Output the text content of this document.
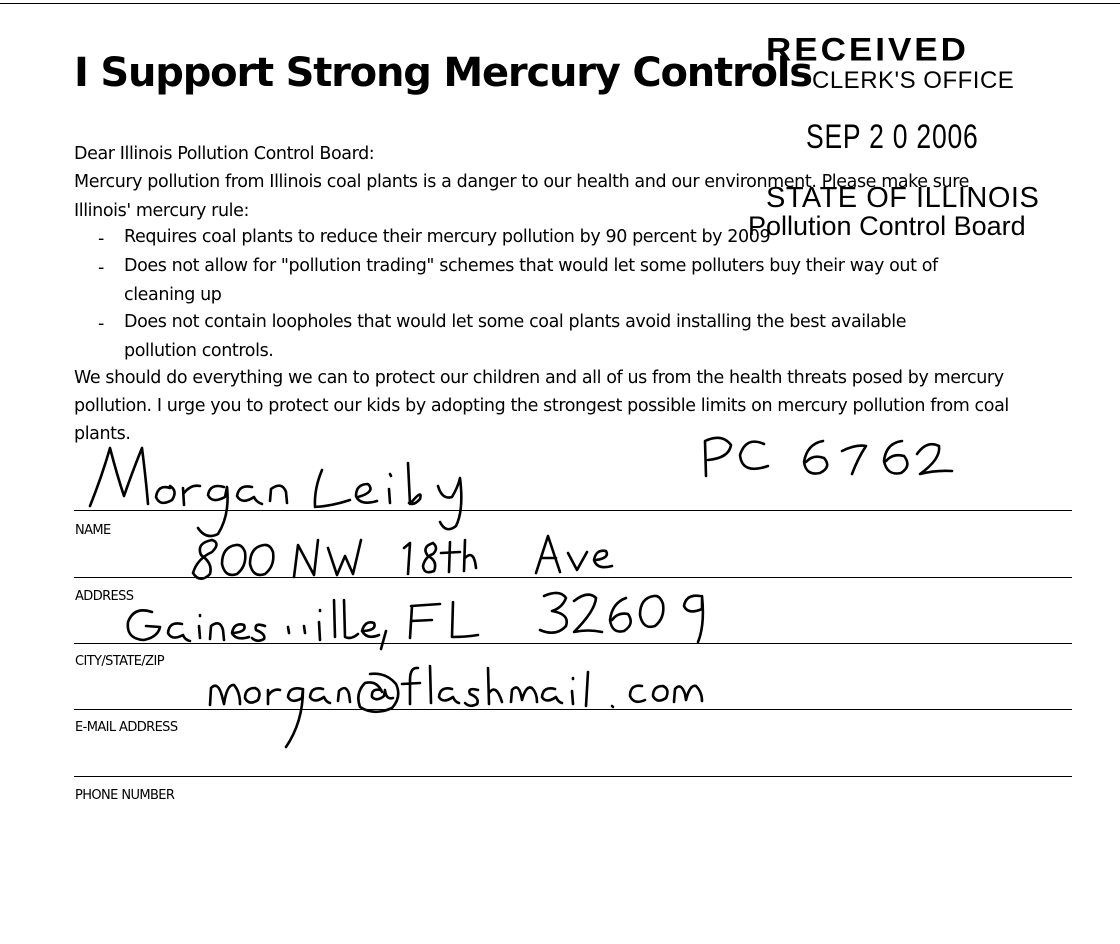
I Support Strong Mercury Controls
RECEIVED
CLERK'S OFFICE
SEP 2 0 2006
STATE OF ILLINOIS
Pollution Control Board
Dear Illinois Pollution Control Board:
Mercury pollution from Illinois coal plants is a danger to our health and our environment. Please make sure
Illinois' mercury rule:
- Requires coal plants to reduce their mercury pollution by 90 percent by 2009
- Does not allow for "pollution trading" schemes that would let some polluters buy their way out of
cleaning up
- Does not contain loopholes that would let some coal plants avoid installing the best available
pollution controls.
We should do everything we can to protect our children and all of us from the health threats posed by mercury
pollution. I urge you to protect our kids by adopting the strongest possible limits on mercury pollution from coal
plants.
NAME
ADDRESS
CITY/STATE/ZIP
E-MAIL ADDRESS
PHONE NUMBER
